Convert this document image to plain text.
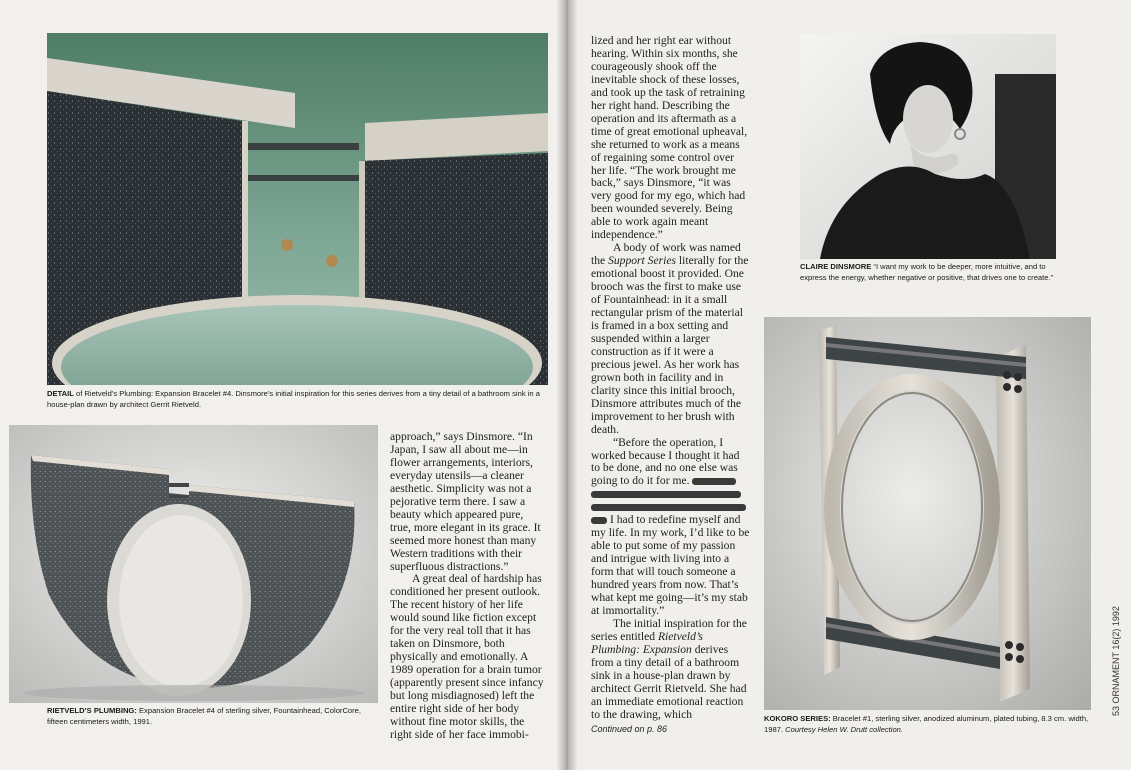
DETAIL of Rietveld’s Plumbing: Expansion Bracelet #4. Dinsmore’s initial inspiration for this series derives from a tiny detail of a bathroom sink in a house-plan drawn by architect Gerrit Rietveld.
RIETVELD’S PLUMBING: Expansion Bracelet #4 of sterling silver, Fountainhead, ColorCore, fifteen centimeters width, 1991.

approach,” says Dinsmore. “In Japan, I saw all about me—in flower arrangements, interiors, everyday utensils—a cleaner aesthetic. Simplicity was not a pejorative term there. I saw a beauty which appeared pure, true, more elegant in its grace. It seemed more honest than many Western traditions with their superfluous distractions.”

A great deal of hardship has conditioned her present outlook. The recent history of her life would sound like fiction except for the very real toll that it has taken on Dinsmore, both physically and emotionally. A 1989 operation for a brain tumor (apparently present since infancy but long misdiagnosed) left the entire right side of her body without fine motor skills, the right side of her face immobi-

lized and her right ear without hearing. Within six months, she courageously shook off the inevitable shock of these losses, and took up the task of retraining her right hand. Describing the operation and its aftermath as a time of great emotional upheaval, she returned to work as a means of regaining some control over her life. “The work brought me back,” says Dinsmore, “it was very good for my ego, which had been wounded severely. Being able to work again meant independence.”

A body of work was named the Support Series literally for the emotional boost it provided. One brooch was the first to make use of Fountainhead: in it a small rectangular prism of the material is framed in a box setting and suspended within a larger construction as if it were a precious jewel. As her work has grown both in facility and in clarity since this initial brooch, Dinsmore attributes much of the improvement to her brush with death.

“Before the operation, I worked because I thought it had to be done, and no one else was going to do it for me.

I had to redefine myself and my life. In my work, I’d like to be able to put some of my passion and intrigue with living into a form that will touch someone a hundred years from now. That’s what kept me going—it’s my stab at immortality.”

The initial inspiration for the series entitled Rietveld’s Plumbing: Expansion derives from a tiny detail of a bathroom sink in a house-plan drawn by architect Gerrit Rietveld. She had an immediate emotional reaction to the drawing, which

Continued on p. 86
CLAIRE DINSMORE “I want my work to be deeper, more intuitive, and to express the energy, whether negative or positive, that drives one to create.”
KOKORO SERIES: Bracelet #1, sterling silver, anodized aluminum, plated tubing, 8.3 cm. width, 1987. Courtesy Helen W. Drutt collection.
53 ORNAMENT 16(2) 1992
